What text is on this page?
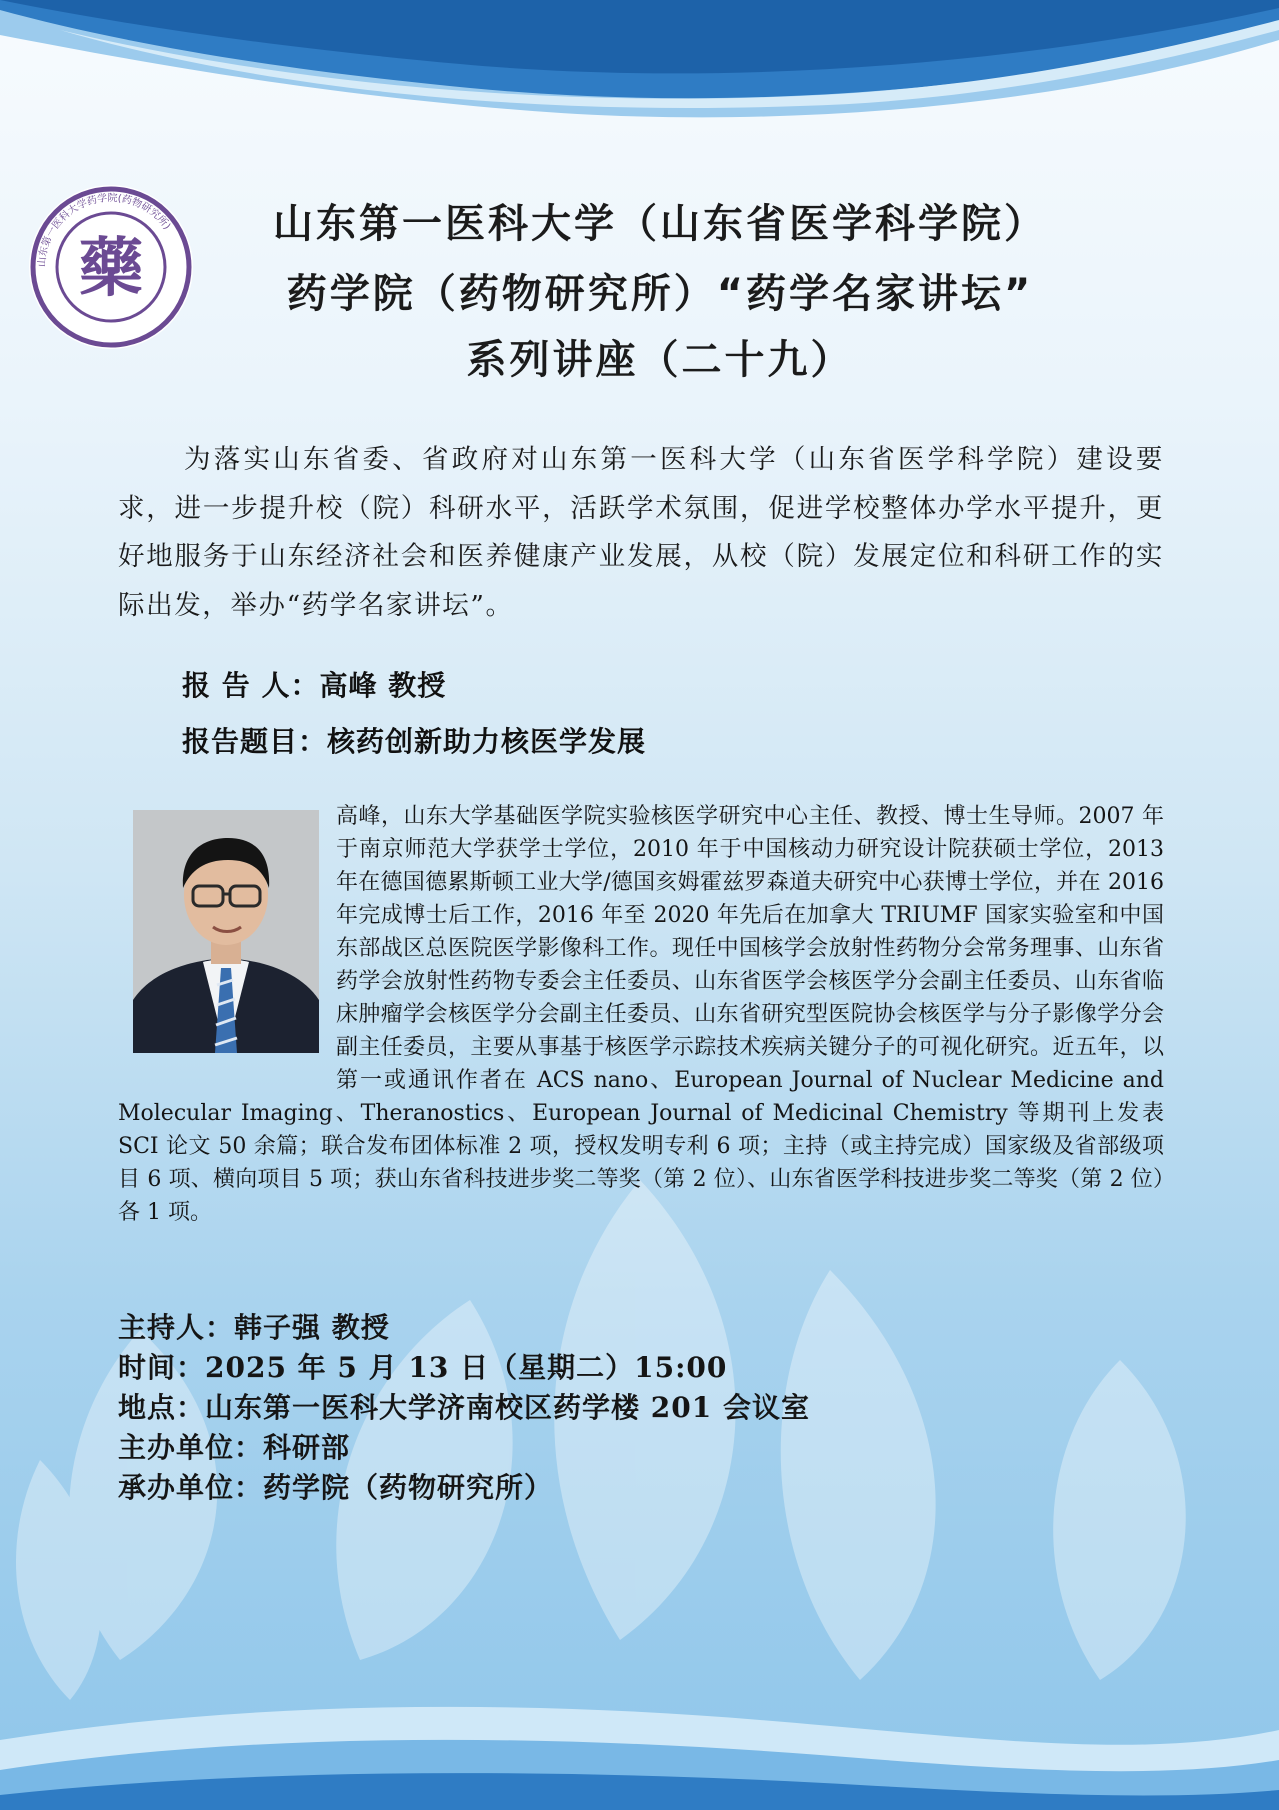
山东第一医科大学药学院(药物研究所)
藥
山东第一医科大学（山东省医学科学院）
药学院（药物研究所）“药学名家讲坛”
系列讲座（二十九）

为落实山东省委、省政府对山东第一医科大学（山东省医学科学院）建设要求，进一步提升校（院）科研水平，活跃学术氛围，促进学校整体办学水平提升，更好地服务于山东经济社会和医养健康产业发展，从校（院）发展定位和科研工作的实际出发，举办“药学名家讲坛”。

报 告 人：高峰 教授
报告题目：核药创新助力核医学发展
高峰，山东大学基础医学院实验核医学研究中心主任、教授、博士生导师。2007 年于南京师范大学获学士学位，2010 年于中国核动力研究设计院获硕士学位，2013 年在德国德累斯顿工业大学/德国亥姆霍兹罗森道夫研究中心获博士学位，并在 2016 年完成博士后工作，2016 年至 2020 年先后在加拿大 TRIUMF 国家实验室和中国东部战区总医院医学影像科工作。现任中国核学会放射性药物分会常务理事、山东省药学会放射性药物专委会主任委员、山东省医学会核医学分会副主任委员、山东省临床肿瘤学会核医学分会副主任委员、山东省研究型医院协会核医学与分子影像学分会副主任委员，主要从事基于核医学示踪技术疾病关键分子的可视化研究。近五年，以第一或通讯作者在 ACS nano、European Journal of Nuclear Medicine and Molecular Imaging、Theranostics、European Journal of Medicinal Chemistry 等期刊上发表 SCI 论文 50 余篇；联合发布团体标准 2 项，授权发明专利 6 项；主持（或主持完成）国家级及省部级项目 6 项、横向项目 5 项；获山东省科技进步奖二等奖（第 2 位）、山东省医学科技进步奖二等奖（第 2 位）各 1 项。
主持人：韩子强 教授
时间：2025 年 5 月 13 日（星期二）15:00
地点：山东第一医科大学济南校区药学楼 201 会议室
主办单位：科研部
承办单位：药学院（药物研究所）
